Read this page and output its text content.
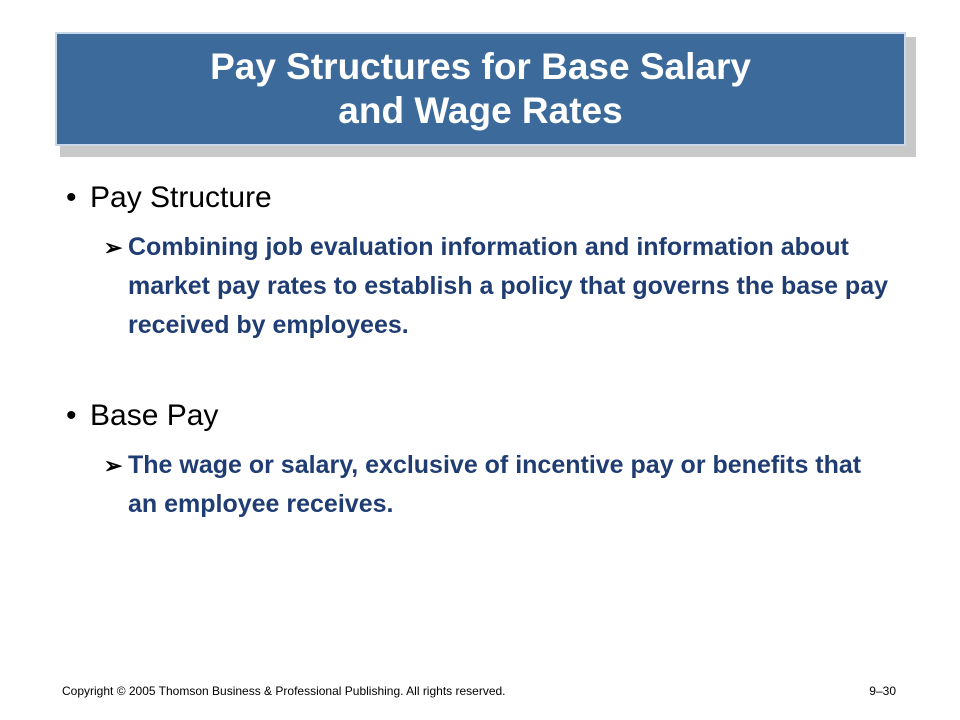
Pay Structures for Base Salary
and Wage Rates
• Pay Structure
➢ Combining job evaluation information and information about market pay rates to establish a policy that governs the base pay received by employees.
• Base Pay
➢ The wage or salary, exclusive of incentive pay or benefits that an employee receives.
Copyright © 2005 Thomson Business & Professional Publishing. All rights reserved.	9–30
